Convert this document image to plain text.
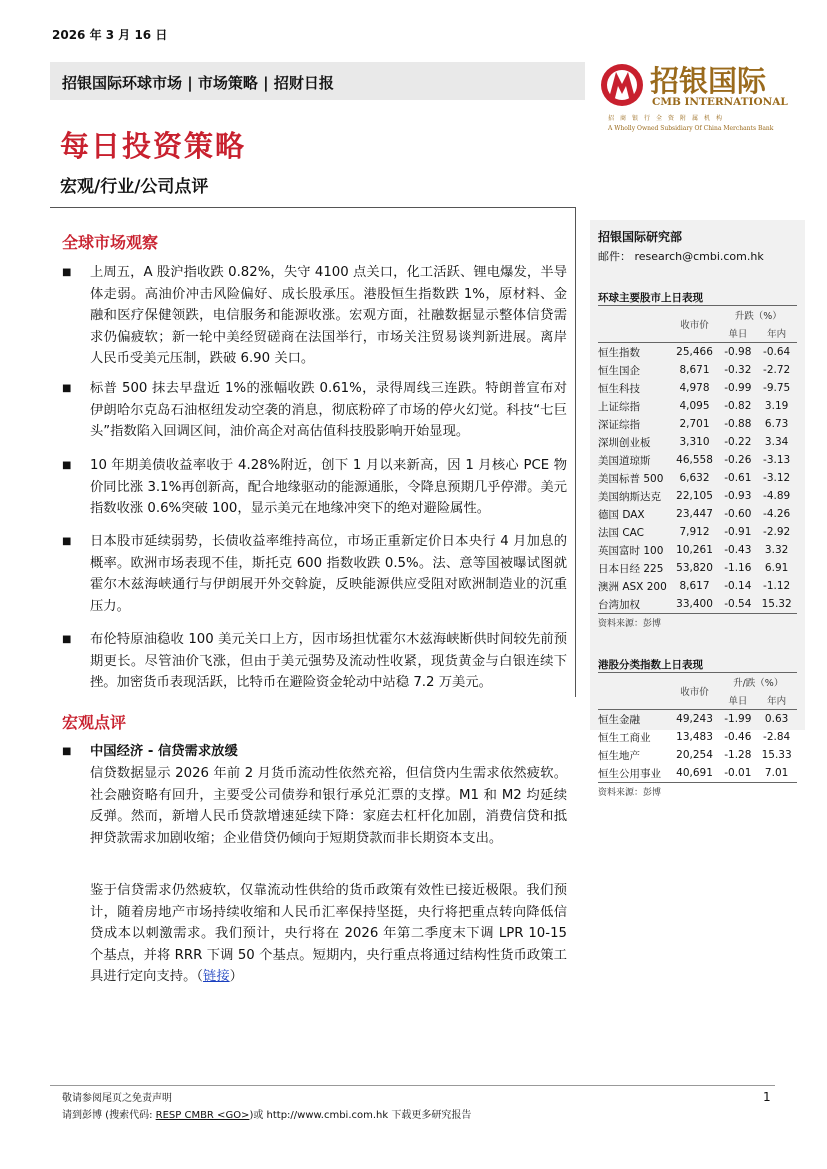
2026 年 3 月 16 日
招银国际环球市场 | 市场策略 | 招财日报	招银国际
CMB INTERNATIONAL
招商银行全资附属机构
A Wholly Owned Subsidiary Of China Merchants Bank
每日投资策略
宏观/行业/公司点评
全球市场观察
■ 上周五，A 股沪指收跌 0.82%，失守 4100 点关口，化工活跃、锂电爆发，半导体走弱。高油价冲击风险偏好、成长股承压。港股恒生指数跌 1%，原材料、金融和医疗保健领跌，电信服务和能源收涨。宏观方面，社融数据显示整体信贷需求仍偏疲软；新一轮中美经贸磋商在法国举行，市场关注贸易谈判新进展。离岸人民币受美元压制，跌破 6.90 关口。
■ 标普 500 抹去早盘近 1%的涨幅收跌 0.61%，录得周线三连跌。特朗普宣布对伊朗哈尔克岛石油枢纽发动空袭的消息，彻底粉碎了市场的停火幻觉。科技“七巨头”指数陷入回调区间，油价高企对高估值科技股影响开始显现。
■ 10 年期美债收益率收于 4.28%附近，创下 1 月以来新高，因 1 月核心 PCE 物价同比涨 3.1%再创新高，配合地缘驱动的能源通胀，令降息预期几乎停滞。美元指数收涨 0.6%突破 100，显示美元在地缘冲突下的绝对避险属性。
■ 日本股市延续弱势，长债收益率维持高位，市场正重新定价日本央行 4 月加息的概率。欧洲市场表现不佳，斯托克 600 指数收跌 0.5%。法、意等国被曝试图就霍尔木兹海峡通行与伊朗展开外交斡旋，反映能源供应受阻对欧洲制造业的沉重压力。
■ 布伦特原油稳收 100 美元关口上方，因市场担忧霍尔木兹海峡断供时间较先前预期更长。尽管油价飞涨，但由于美元强势及流动性收紧，现货黄金与白银连续下挫。加密货币表现活跃，比特币在避险资金轮动中站稳 7.2 万美元。
宏观点评
■ 中国经济 - 信贷需求放缓
信贷数据显示 2026 年前 2 月货币流动性依然充裕，但信贷内生需求依然疲软。社会融资略有回升，主要受公司债券和银行承兑汇票的支撑。M1 和 M2 均延续反弹。然而，新增人民币贷款增速延续下降：家庭去杠杆化加剧，消费信贷和抵押贷款需求加剧收缩；企业借贷仍倾向于短期贷款而非长期资本支出。
鉴于信贷需求仍然疲软，仅靠流动性供给的货币政策有效性已接近极限。我们预计，随着房地产市场持续收缩和人民币汇率保持坚挺，央行将把重点转向降低信贷成本以刺激需求。我们预计，央行将在 2026 年第二季度末下调 LPR 10-15 个基点，并将 RRR 下调 50 个基点。短期内，央行重点将通过结构性货币政策工具进行定向支持。（链接）
招银国际研究部
邮件： research@cmbi.com.hk
环球主要股市上日表现
	收市价	升跌（%）	
		单日	年内
恒生指数	25,466	-0.98	-0.64
恒生国企	8,671	-0.32	-2.72
恒生科技	4,978	-0.99	-9.75
上证综指	4,095	-0.82	3.19
深证综指	2,701	-0.88	6.73
深圳创业板	3,310	-0.22	3.34
美国道琼斯	46,558	-0.26	-3.13
美国标普 500	6,632	-0.61	-3.12
美国纳斯达克	22,105	-0.93	-4.89
德国 DAX	23,447	-0.60	-4.26
法国 CAC	7,912	-0.91	-2.92
英国富时 100	10,261	-0.43	3.32
日本日经 225	53,820	-1.16	6.91
澳洲 ASX 200	8,617	-0.14	-1.12
台湾加权	33,400	-0.54	15.32
资料来源：彭博
港股分类指数上日表现
	收市价	升/跌（%）	
		单日	年内
恒生金融	49,243	-1.99	0.63
恒生工商业	13,483	-0.46	-2.84
恒生地产	20,254	-1.28	15.33
恒生公用事业	40,691	-0.01	7.01
资料来源：彭博
敬请参阅尾页之免责声明
请到彭博 (搜索代码: RESP CMBR <GO>)或 http://www.cmbi.com.hk 下载更多研究报告
1
